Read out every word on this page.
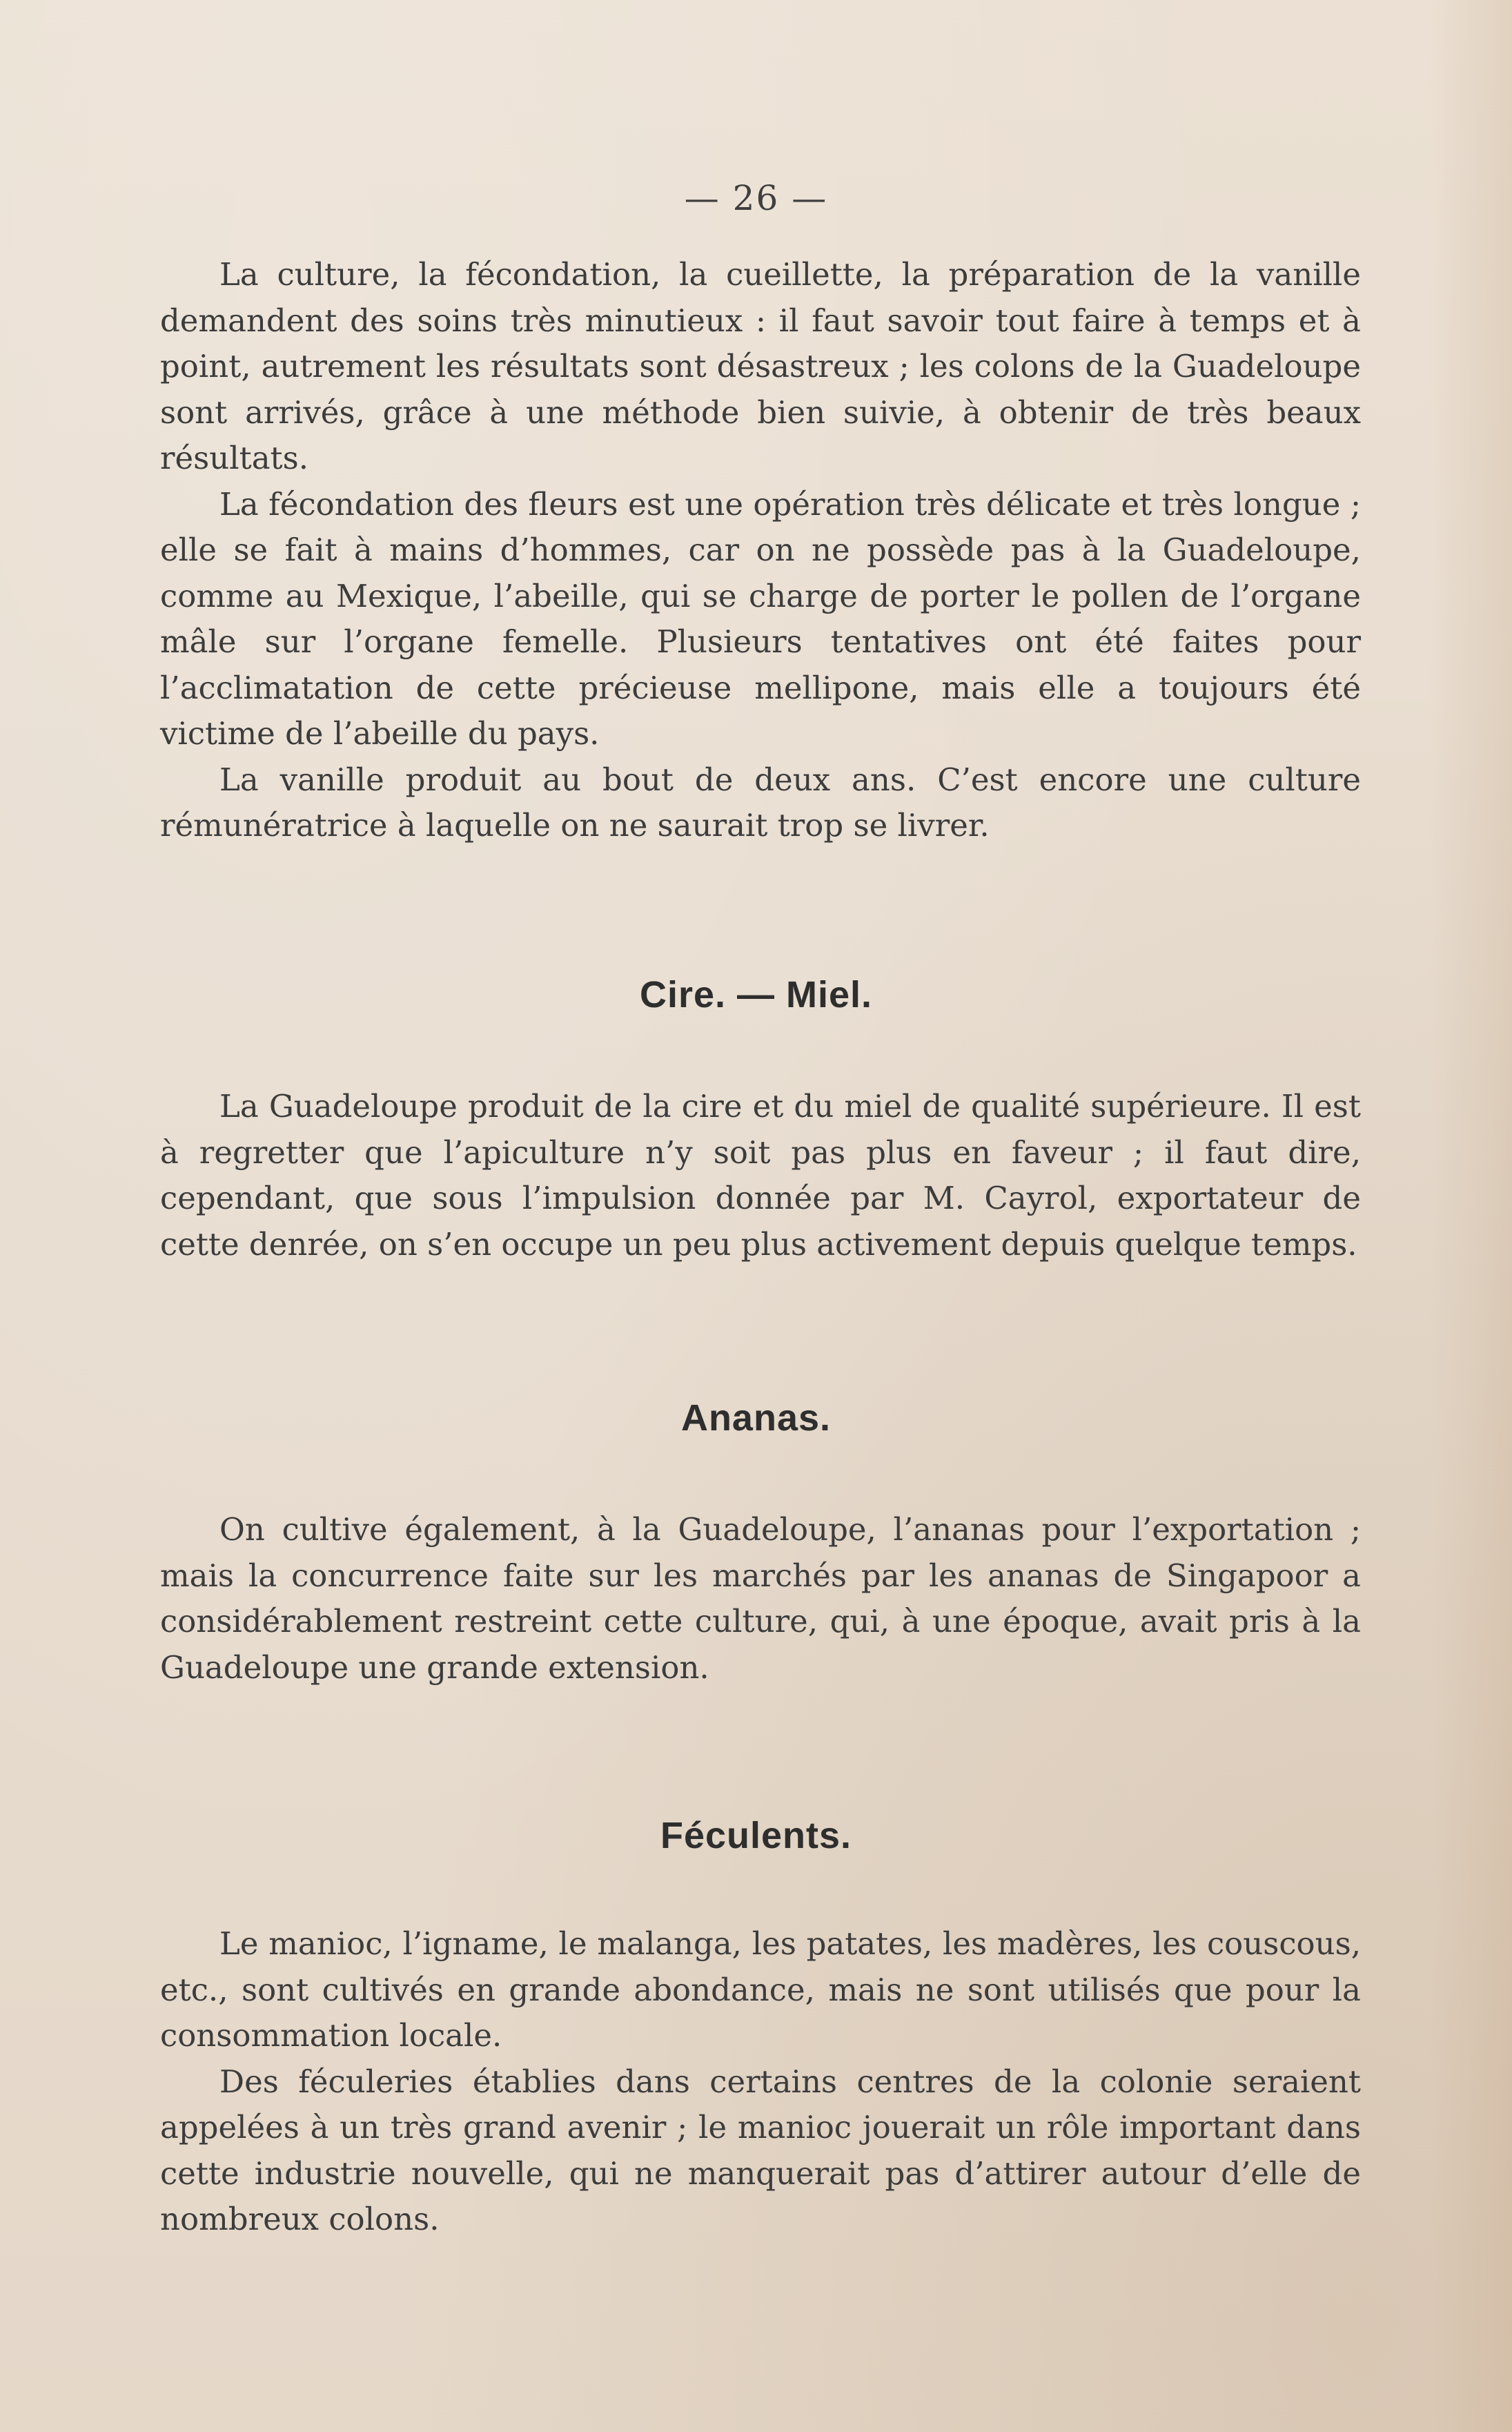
— 26 —

La culture, la fécondation, la cueillette, la préparation de la vanille demandent des soins très minutieux : il faut savoir tout faire à temps et à point, autrement les résultats sont désastreux ; les colons de la Guadeloupe sont arrivés, grâce à une méthode bien suivie, à obtenir de très beaux résultats.

La fécondation des fleurs est une opération très délicate et très longue ; elle se fait à mains d’hommes, car on ne possède pas à la Guadeloupe, comme au Mexique, l’abeille, qui se charge de porter le pollen de l’organe mâle sur l’organe femelle. Plusieurs tentatives ont été faites pour l’acclimatation de cette précieuse mellipone, mais elle a toujours été victime de l’abeille du pays.

La vanille produit au bout de deux ans. C’est encore une culture rémunératrice à laquelle on ne saurait trop se livrer.

Cire. — Miel.

La Guadeloupe produit de la cire et du miel de qualité supérieure. Il est à regretter que l’apiculture n’y soit pas plus en faveur ; il faut dire, cependant, que sous l’impulsion donnée par M. Cayrol, exportateur de cette denrée, on s’en occupe un peu plus activement depuis quelque temps.

Ananas.

On cultive également, à la Guadeloupe, l’ananas pour l’exportation ; mais la concurrence faite sur les marchés par les ananas de Singapoor a considérablement restreint cette culture, qui, à une époque, avait pris à la Guadeloupe une grande extension.

Féculents.

Le manioc, l’igname, le malanga, les patates, les madères, les couscous, etc., sont cultivés en grande abondance, mais ne sont utilisés que pour la consommation locale.

Des féculeries établies dans certains centres de la colonie seraient appelées à un très grand avenir ; le manioc jouerait un rôle important dans cette industrie nouvelle, qui ne manquerait pas d’attirer autour d’elle de nombreux colons.
